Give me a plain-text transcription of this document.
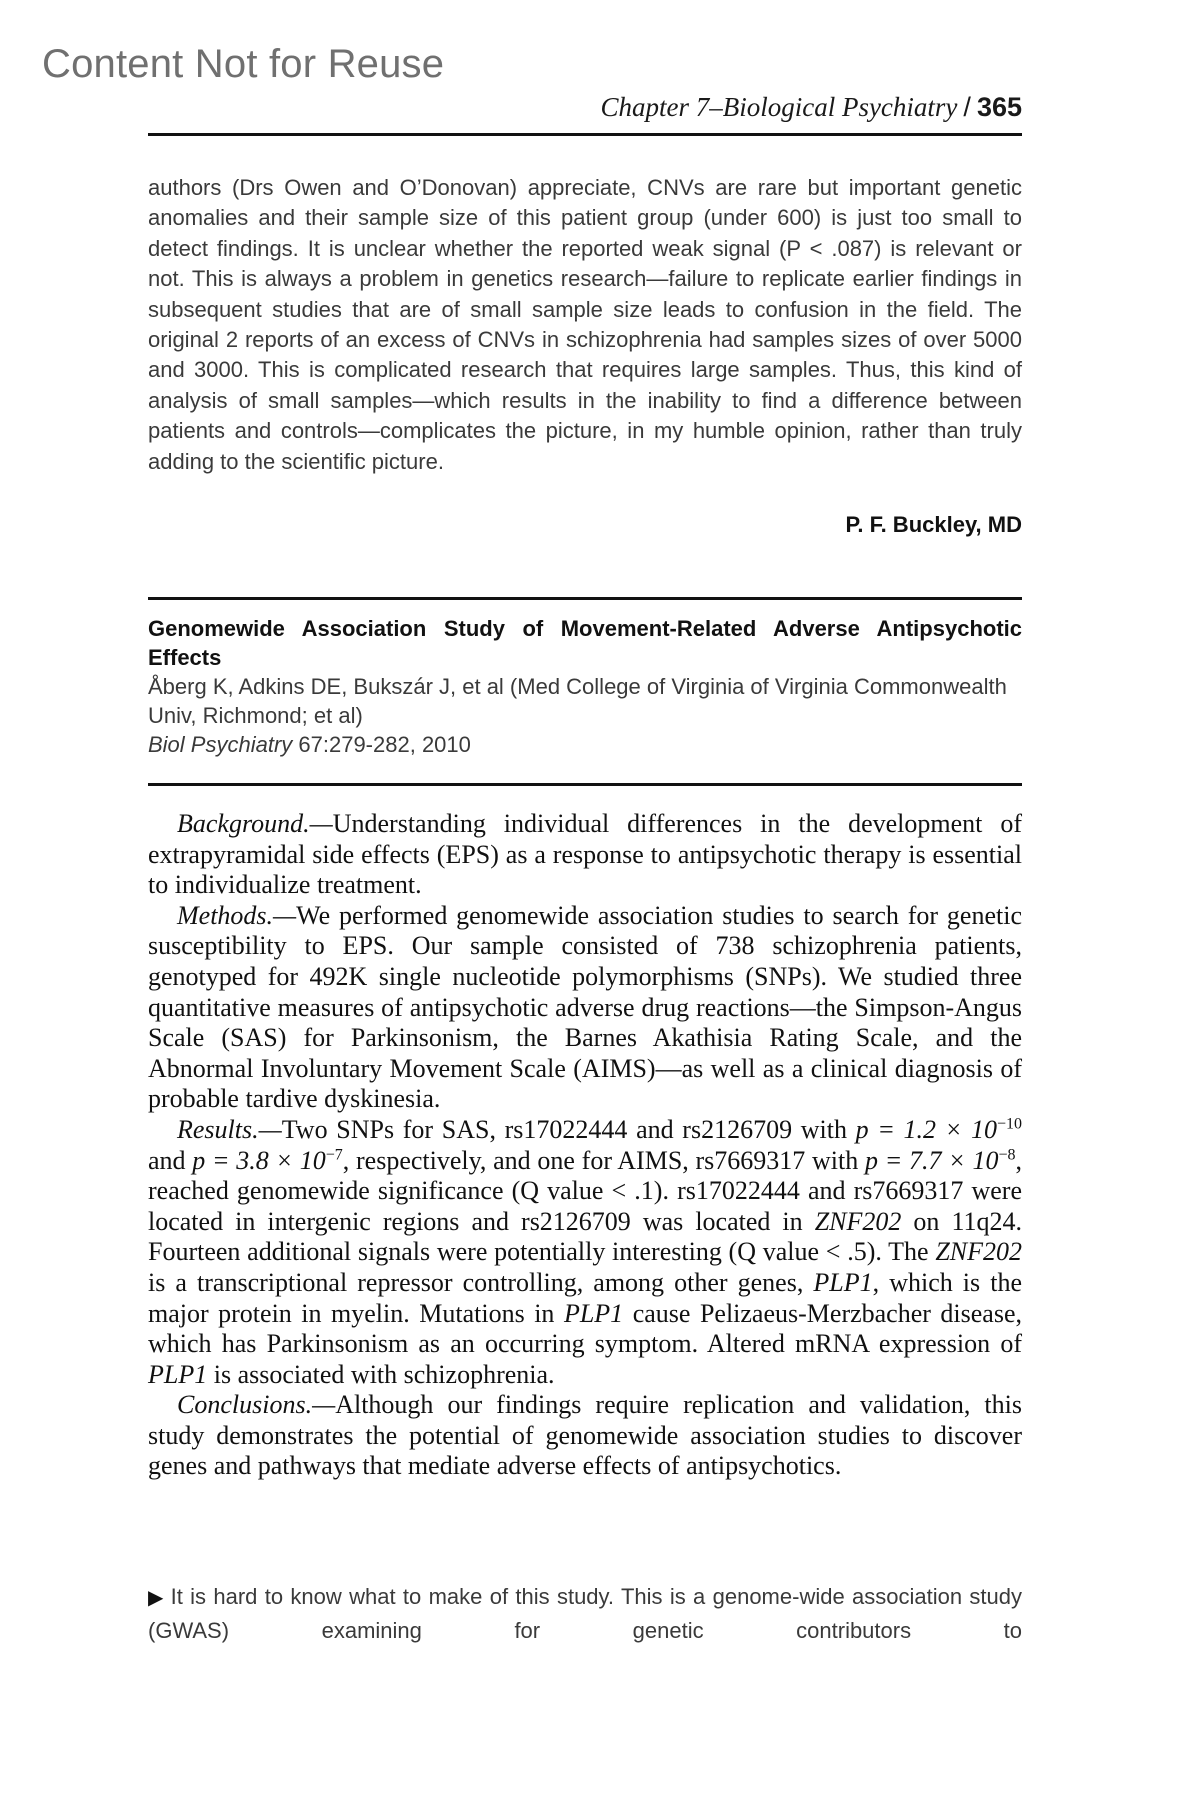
Content Not for Reuse
Chapter 7–Biological Psychiatry / 365

authors (Drs Owen and O’Donovan) appreciate, CNVs are rare but important genetic anomalies and their sample size of this patient group (under 600) is just too small to detect findings. It is unclear whether the reported weak signal (P < .087) is relevant or not. This is always a problem in genetics research—failure to replicate earlier findings in subsequent studies that are of small sample size leads to confusion in the field. The original 2 reports of an excess of CNVs in schizophrenia had samples sizes of over 5000 and 3000. This is complicated research that requires large samples. Thus, this kind of analysis of small samples—which results in the inability to find a difference between patients and controls—complicates the picture, in my humble opinion, rather than truly adding to the scientific picture.

P. F. Buckley, MD

Genomewide Association Study of Movement-Related Adverse Antipsychotic Effects

Åberg K, Adkins DE, Bukszár J, et al (Med College of Virginia of Virginia Commonwealth Univ, Richmond; et al)

Biol Psychiatry 67:279-282, 2010

Background.—Understanding individual differences in the development of extrapyramidal side effects (EPS) as a response to antipsychotic therapy is essential to individualize treatment.

Methods.—We performed genomewide association studies to search for genetic susceptibility to EPS. Our sample consisted of 738 schizophrenia patients, genotyped for 492K single nucleotide polymorphisms (SNPs). We studied three quantitative measures of antipsychotic adverse drug reactions—the Simpson-Angus Scale (SAS) for Parkinsonism, the Barnes Akathisia Rating Scale, and the Abnormal Involuntary Movement Scale (AIMS)—as well as a clinical diagnosis of probable tardive dyskinesia.

Results.—Two SNPs for SAS, rs17022444 and rs2126709 with $p = 1.2 \times 10^{-10}$ and $p = 3.8 \times 10^{-7}$, respectively, and one for AIMS, rs7669317 with $p = 7.7 \times 10^{-8}$, reached genomewide significance (Q value < .1). rs17022444 and rs7669317 were located in intergenic regions and rs2126709 was located in ZNF202 on 11q24. Fourteen additional signals were potentially interesting (Q value < .5). The ZNF202 is a transcriptional repressor controlling, among other genes, PLP1, which is the major protein in myelin. Mutations in PLP1 cause Pelizaeus-Merzbacher disease, which has Parkinsonism as an occurring symptom. Altered mRNA expression of PLP1 is associated with schizophrenia.

Conclusions.—Although our findings require replication and validation, this study demonstrates the potential of genomewide association studies to discover genes and pathways that mediate adverse effects of antipsychotics.

▶ It is hard to know what to make of this study. This is a genome-wide association study (GWAS) examining for genetic contributors to
